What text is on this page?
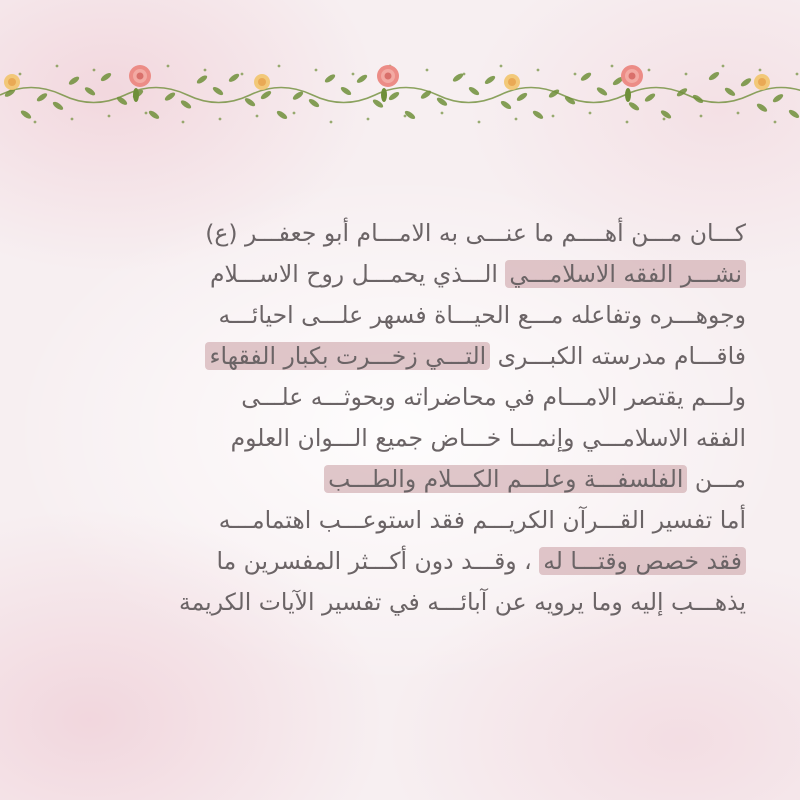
كـــان مـــن أهــــم ما عنـــى به الامـــام أبو جعفـــر (ع)
نشـــر الفقه الاسلامـــي الـــذي يحمـــل روح الاســـلام
وجوهـــره وتفاعله مـــع الحيـــاة فسهر علـــى احيائـــه
فاقـــام مدرسته الكبـــرى التـــي زخـــرت بكبار الفقهاء
ولـــم يقتصر الامـــام في محاضراته وبحوثـــه علـــى
الفقه الاسلامـــي وإنمـــا خـــاض جميع الـــوان العلوم
مـــن الفلسفـــة وعلـــم الكـــلام والطـــب
أما تفسير القـــرآن الكريـــم فقد استوعـــب اهتمامـــه
فقد خصص وقتـــا له ، وقـــد دون أكـــثر المفسرين ما
يذهـــب إليه وما يرويه عن آبائـــه في تفسير الآيات الكريمة
